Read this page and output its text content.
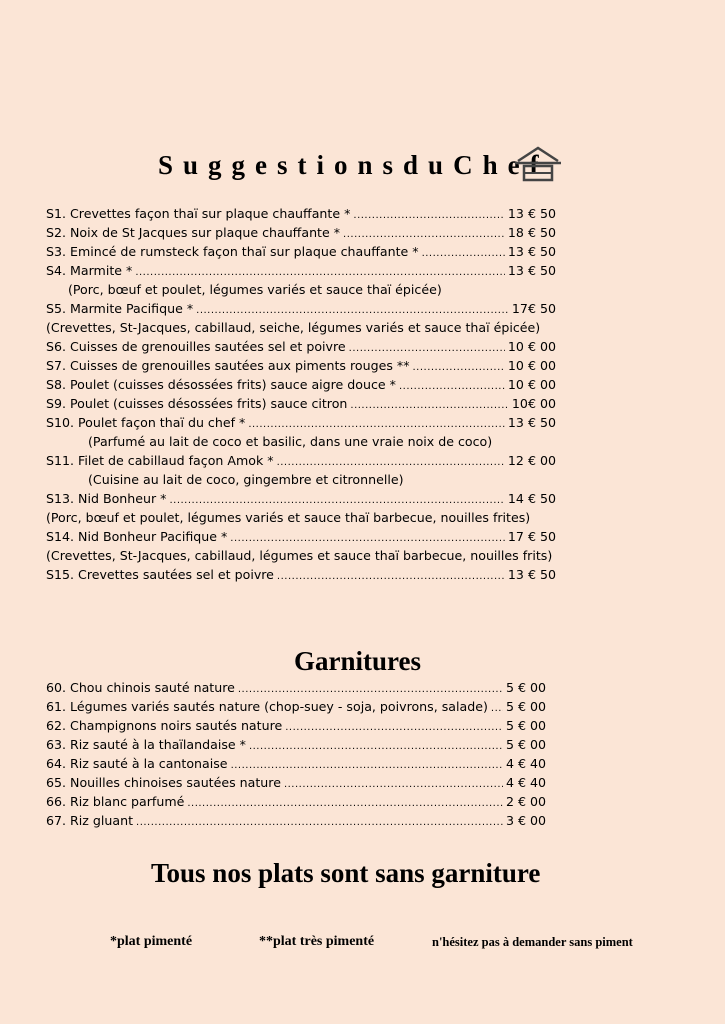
SuggestionsduChef
S1. Crevettes façon thaï sur plaque chauffante * .....	13 € 50
S2. Noix de St Jacques sur plaque chauffante * .....	18 € 50
S3. Emincé de rumsteck façon thaï sur plaque chauffante * .....	13 € 50
S4. Marmite * .....	13 € 50
(Porc, bœuf et poulet, légumes variés et sauce thaï épicée)
S5. Marmite Pacifique * .....	17€ 50
(Crevettes, St-Jacques, cabillaud, seiche, légumes variés et sauce thaï épicée)
S6. Cuisses de grenouilles sautées sel et poivre .....	10 € 00
S7. Cuisses de grenouilles sautées aux piments rouges ** .....	10 € 00
S8. Poulet (cuisses désossées frits) sauce aigre douce * .....	10 € 00
S9. Poulet (cuisses désossées frits) sauce citron .....	10€ 00
S10. Poulet façon thaï du chef * .....	13 € 50
(Parfumé au lait de coco et basilic, dans une vraie noix de coco)
S11. Filet de cabillaud façon Amok * .....	12 € 00
(Cuisine au lait de coco, gingembre et citronnelle)
S13. Nid Bonheur * .....	14 € 50
(Porc, bœuf et poulet, légumes variés et sauce thaï barbecue, nouilles frites)
S14. Nid Bonheur Pacifique * .....	17 € 50
(Crevettes, St-Jacques, cabillaud, légumes et sauce thaï barbecue, nouilles frits)
S15. Crevettes sautées sel et poivre .....	13 € 50
Garnitures
60. Chou chinois sauté nature .....	5 € 00
61. Légumes variés sautés nature (chop-suey - soja, poivrons, salade) ..... 5 € 00
62. Champignons noirs sautés nature .....	5 € 00
63. Riz sauté à la thaïlandaise * .....	5 € 00
64. Riz sauté à la cantonaise .....	4 € 40
65. Nouilles chinoises sautées nature .....	4 € 40
66. Riz blanc parfumé .....	2 € 00
67. Riz gluant .....	3 € 00
Tous nos plats sont sans garniture
*plat pimenté	**plat très pimenté	n'hésitez pas à demander sans piment
